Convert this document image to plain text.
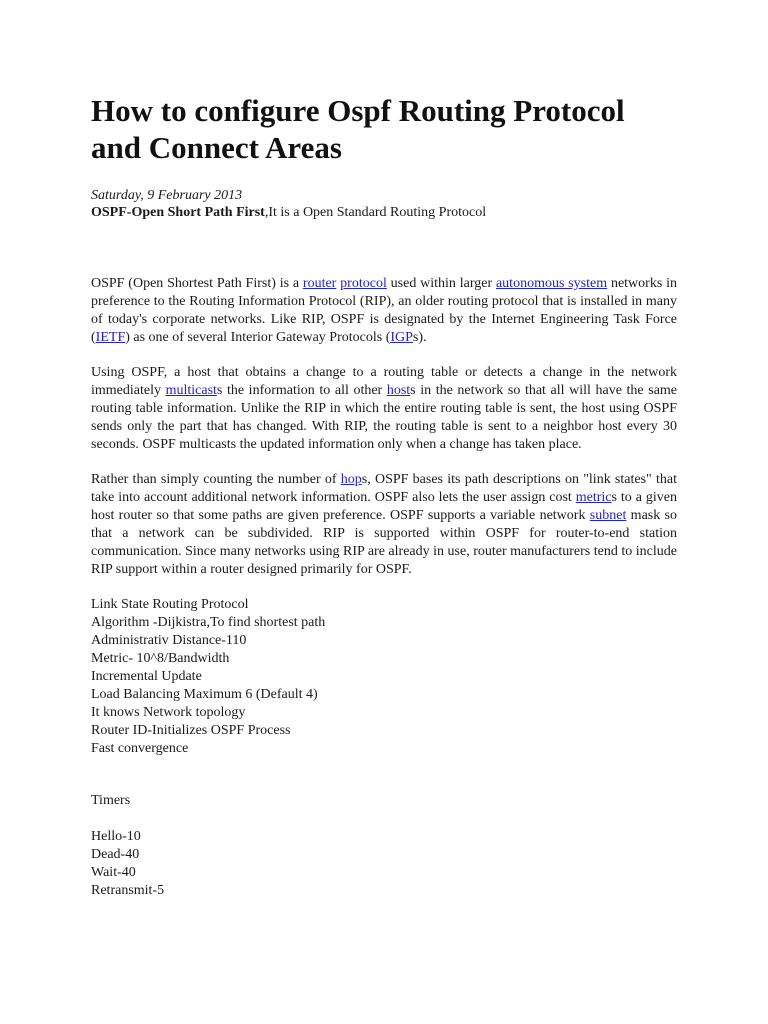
How to configure Ospf Routing Protocol and Connect Areas

Saturday, 9 February 2013

OSPF-Open Short Path First,It is a Open Standard Routing Protocol

OSPF (Open Shortest Path First) is a router protocol used within larger autonomous system networks in preference to the Routing Information Protocol (RIP), an older routing protocol that is installed in many of today's corporate networks. Like RIP, OSPF is designated by the Internet Engineering Task Force (IETF) as one of several Interior Gateway Protocols (IGPs).

Using OSPF, a host that obtains a change to a routing table or detects a change in the network immediately multicasts the information to all other hosts in the network so that all will have the same routing table information. Unlike the RIP in which the entire routing table is sent, the host using OSPF sends only the part that has changed. With RIP, the routing table is sent to a neighbor host every 30 seconds. OSPF multicasts the updated information only when a change has taken place.

Rather than simply counting the number of hops, OSPF bases its path descriptions on "link states" that take into account additional network information. OSPF also lets the user assign cost metrics to a given host router so that some paths are given preference. OSPF supports a variable network subnet mask so that a network can be subdivided. RIP is supported within OSPF for router-to-end station communication. Since many networks using RIP are already in use, router manufacturers tend to include RIP support within a router designed primarily for OSPF.

Link State Routing Protocol
Algorithm -Dijkistra,To find shortest path
Administrativ Distance-110
Metric- 10^8/Bandwidth
Incremental Update
Load Balancing Maximum 6 (Default 4)
It knows Network topology
Router ID-Initializes OSPF Process
Fast convergence

Timers

Hello-10
Dead-40
Wait-40
Retransmit-5
